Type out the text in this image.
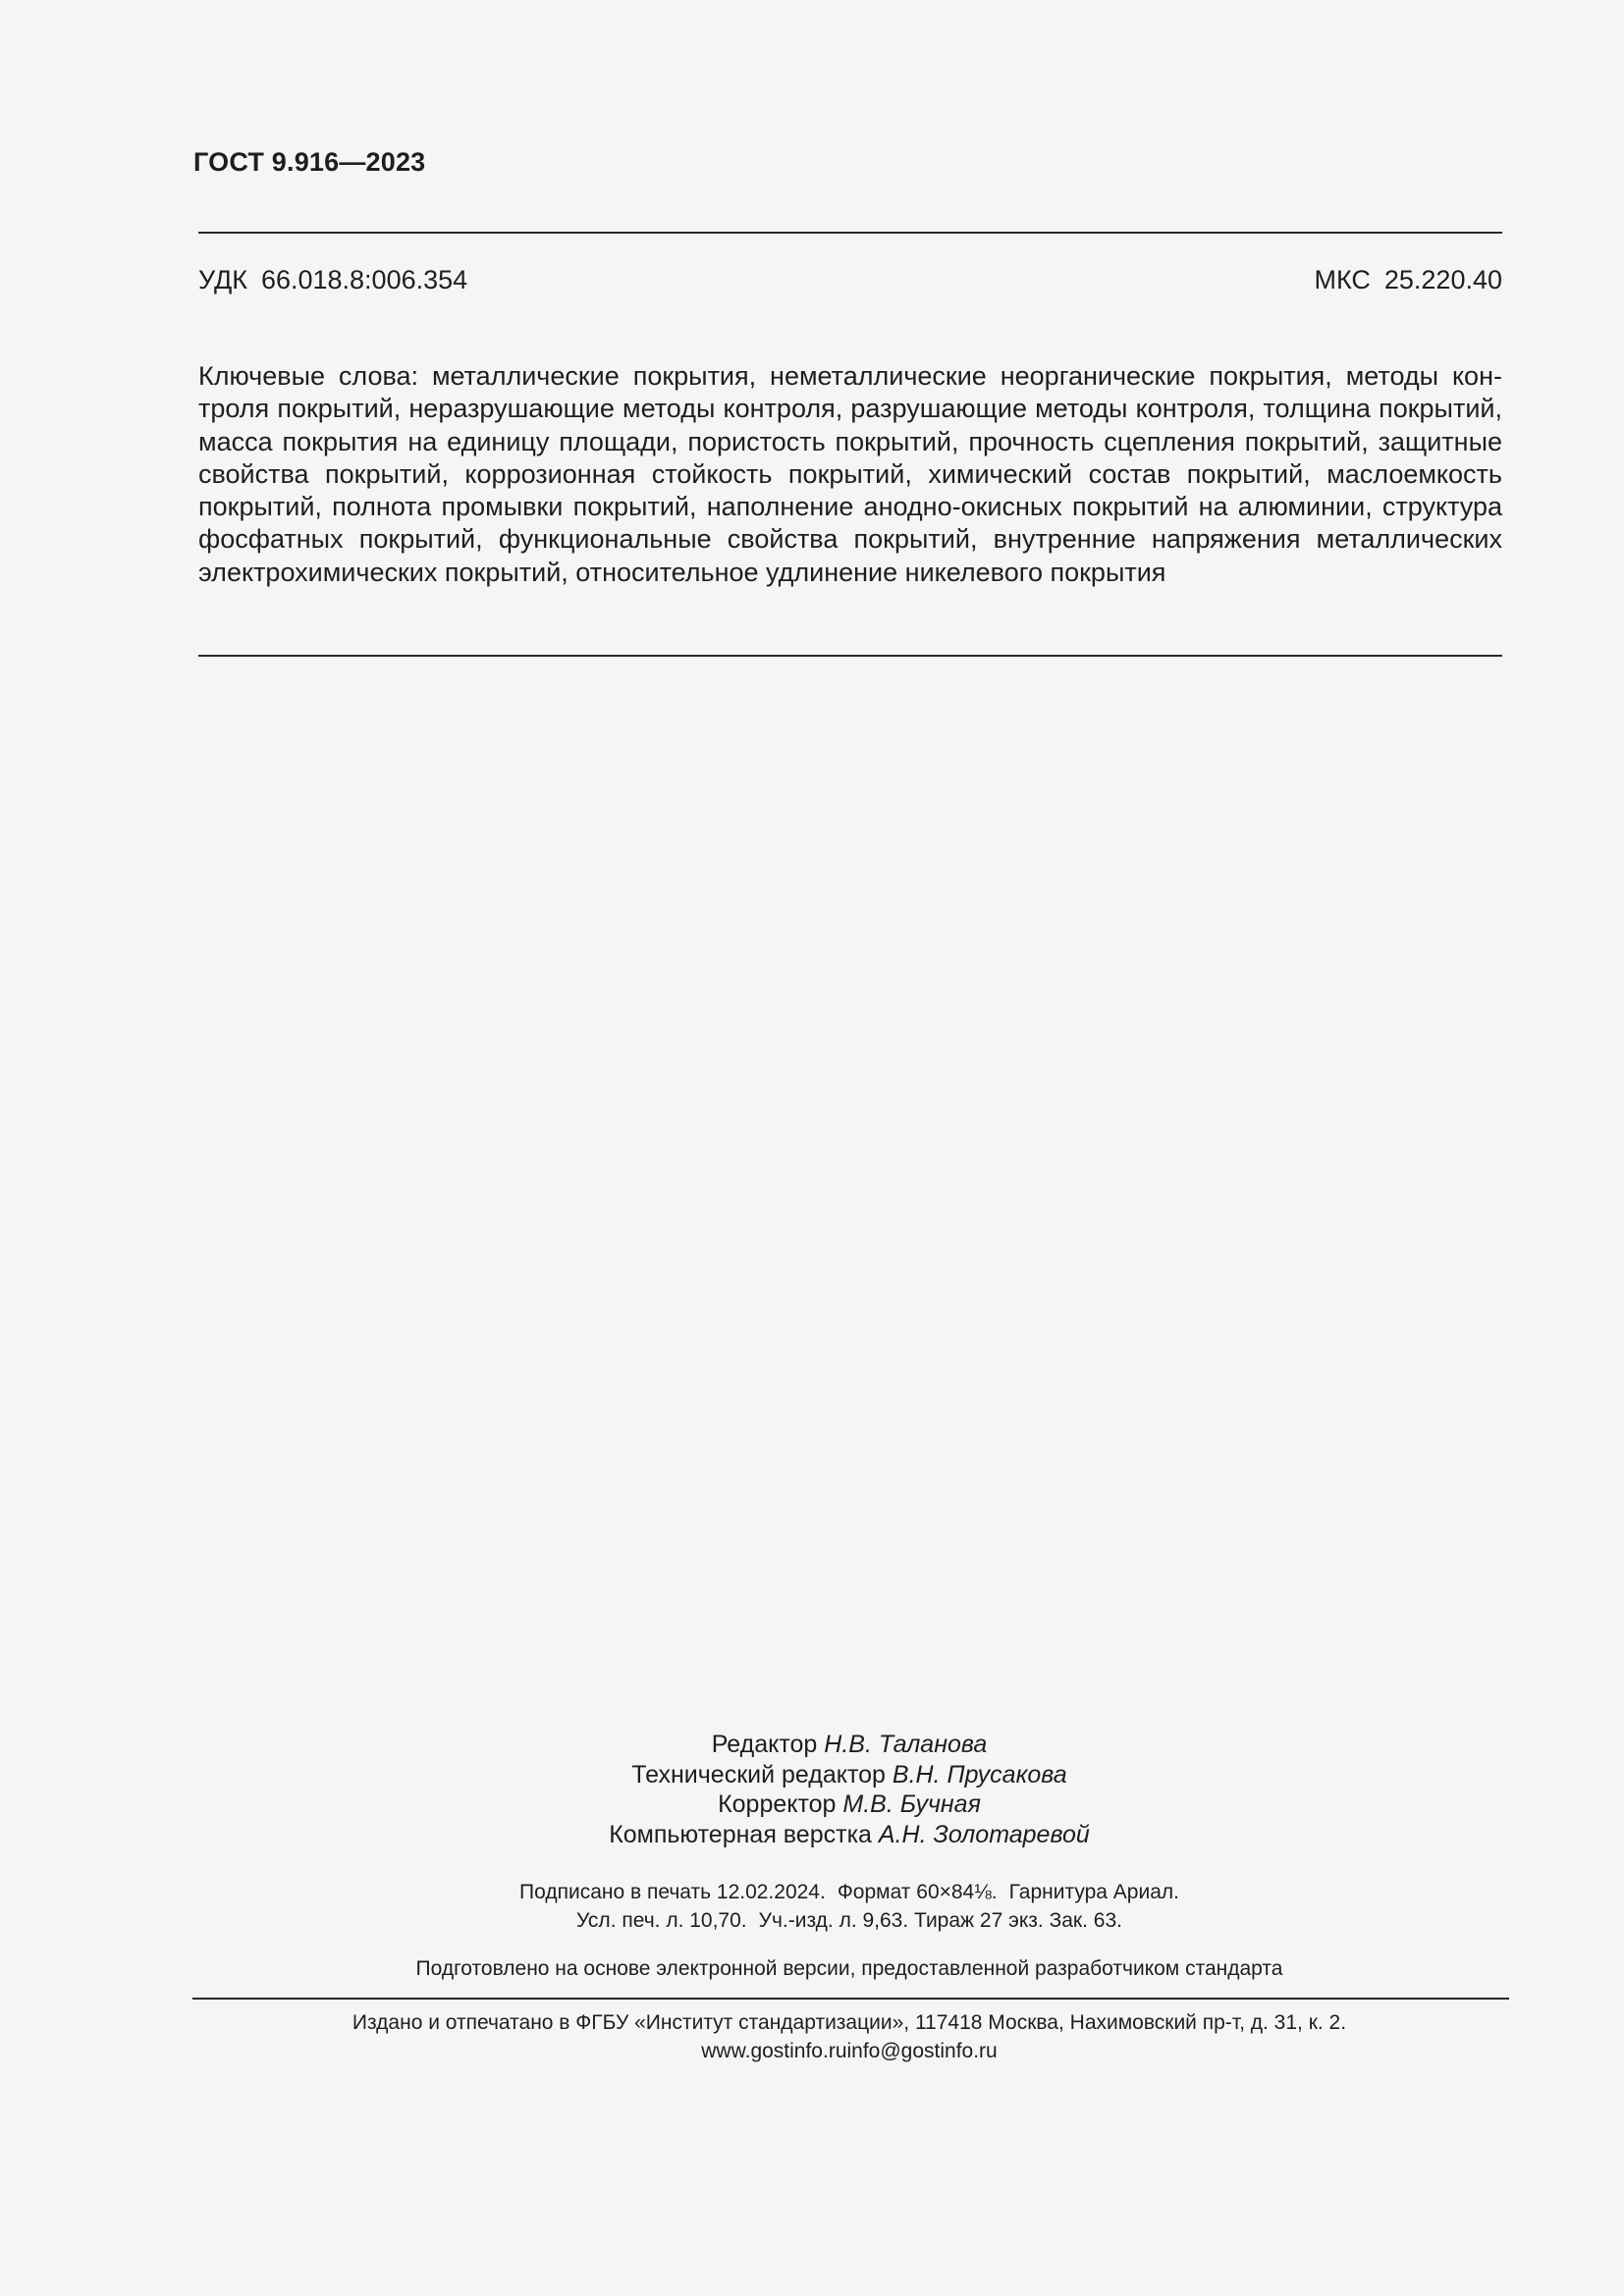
ГОСТ 9.916—2023
УДК 66.018.8:006.354	МКС 25.220.40

Ключевые слова: металлические покрытия, неметаллические неорганические покрытия, методы контроля покрытий, неразрушающие методы контроля, разрушающие методы контроля, толщина покрытий, масса покрытия на единицу площади, пористость покрытий, прочность сцепления покрытий, защитные свойства покрытий, коррозионная стойкость покрытий, химический состав покрытий, маслоемкость покрытий, полнота промывки покрытий, наполнение анодно-окисных покрытий на алюминии, структура фосфатных покрытий, функциональные свойства покрытий, внутренние напряжения металлических электрохимических покрытий, относительное удлинение никелевого покрытия

Редактор Н.В. Таланова
Технический редактор В.Н. Прусакова
Корректор М.В. Бучная
Компьютерная верстка А.Н. Золотаревой
Подписано в печать 12.02.2024. Формат 60×84⅛. Гарнитура Ариал.
Усл. печ. л. 10,70. Уч.-изд. л. 9,63. Тираж 27 экз. Зак. 63.
Подготовлено на основе электронной версии, предоставленной разработчиком стандарта
Издано и отпечатано в ФГБУ «Институт стандартизации», 117418 Москва, Нахимовский пр-т, д. 31, к. 2.
www.gostinfo.ruinfo@gostinfo.ru
